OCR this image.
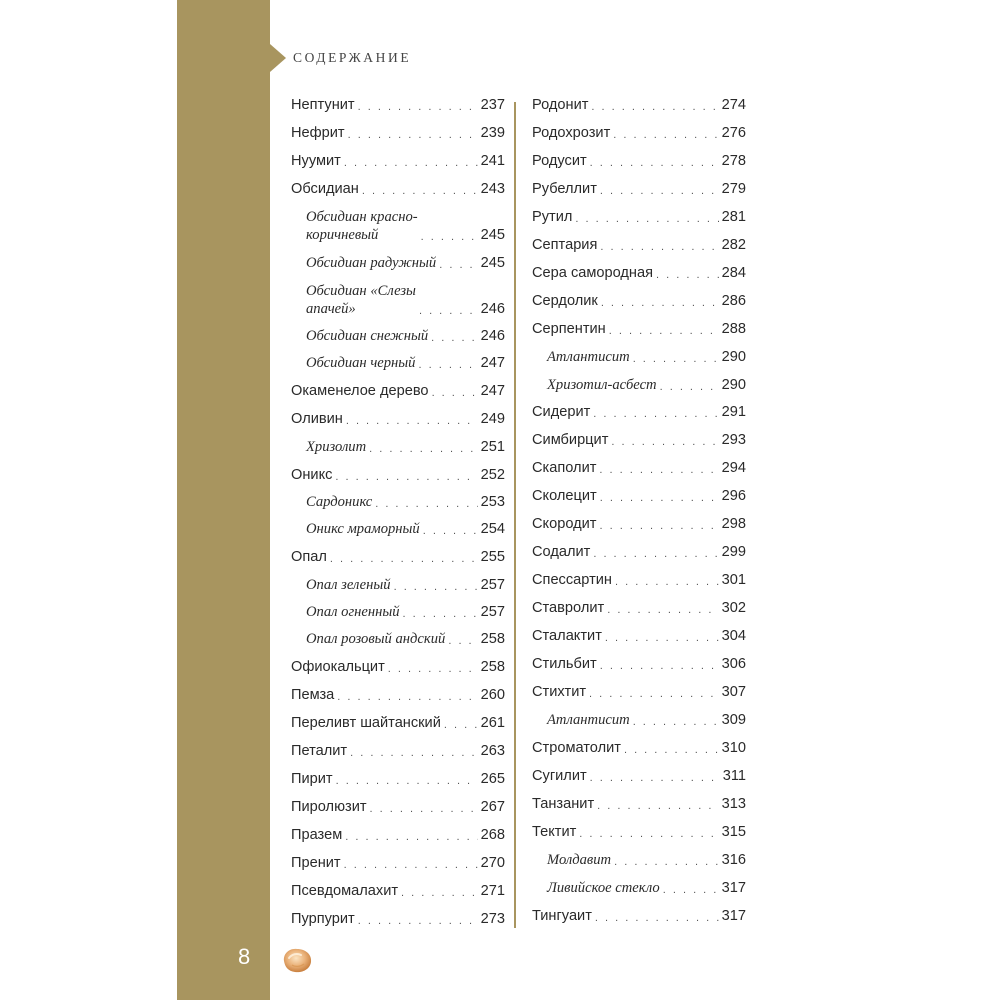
СОДЕРЖАНИЕ
Нептунит . . .	237
Нефрит . . .	239
Нуумит . . .	241
Обсидиан . . .	243
Обсидиан красно-
коричневый . . .	245
Обсидиан радужный . . .	245
Обсидиан «Слезы
апачей» . . .	246
Обсидиан снежный . . .	246
Обсидиан черный . . .	247
Окаменелое дерево . . .	247
Оливин . . .	249
Хризолит . . .	251
Оникс . . .	252
Сардоникс . . .	253
Оникс мраморный . . .	254
Опал . . .	255
Опал зеленый . . .	257
Опал огненный . . .	257
Опал розовый андский . . . 258
Офиокальцит . . .	258
Пемза . . .	260
Переливт шайтанский . . .	261
Петалит . . .	263
Пирит . . .	265
Пиролюзит . . .	267
Празем . . .	268
Пренит . . .	270
Псевдомалахит . . .	271
Пурпурит . . .	273
Родонит . . .	274
Родохрозит . . .	276
Родусит . . .	278
Рубеллит . . .	279
Рутил . . .	281
Септария . . .	282
Сера самородная . . .	284
Сердолик . . .	286
Серпентин . . .	288
Атлантисит . . .	290
Хризотил-асбест . . .	290
Сидерит . . .	291
Симбирцит . . .	293
Скаполит . . .	294
Сколецит . . .	296
Скородит . . .	298
Содалит . . .	299
Спессартин . . .	301
Ставролит . . .	302
Сталактит . . .	304
Стильбит . . .	306
Стихтит . . .	307
Атлантисит . . .	309
Строматолит . . .	310
Сугилит . . .	311
Танзанит . . .	313
Тектит . . .	315
Молдавит . . .	316
Ливийское стекло . . .	317
Тингуаит . . .	317
8
